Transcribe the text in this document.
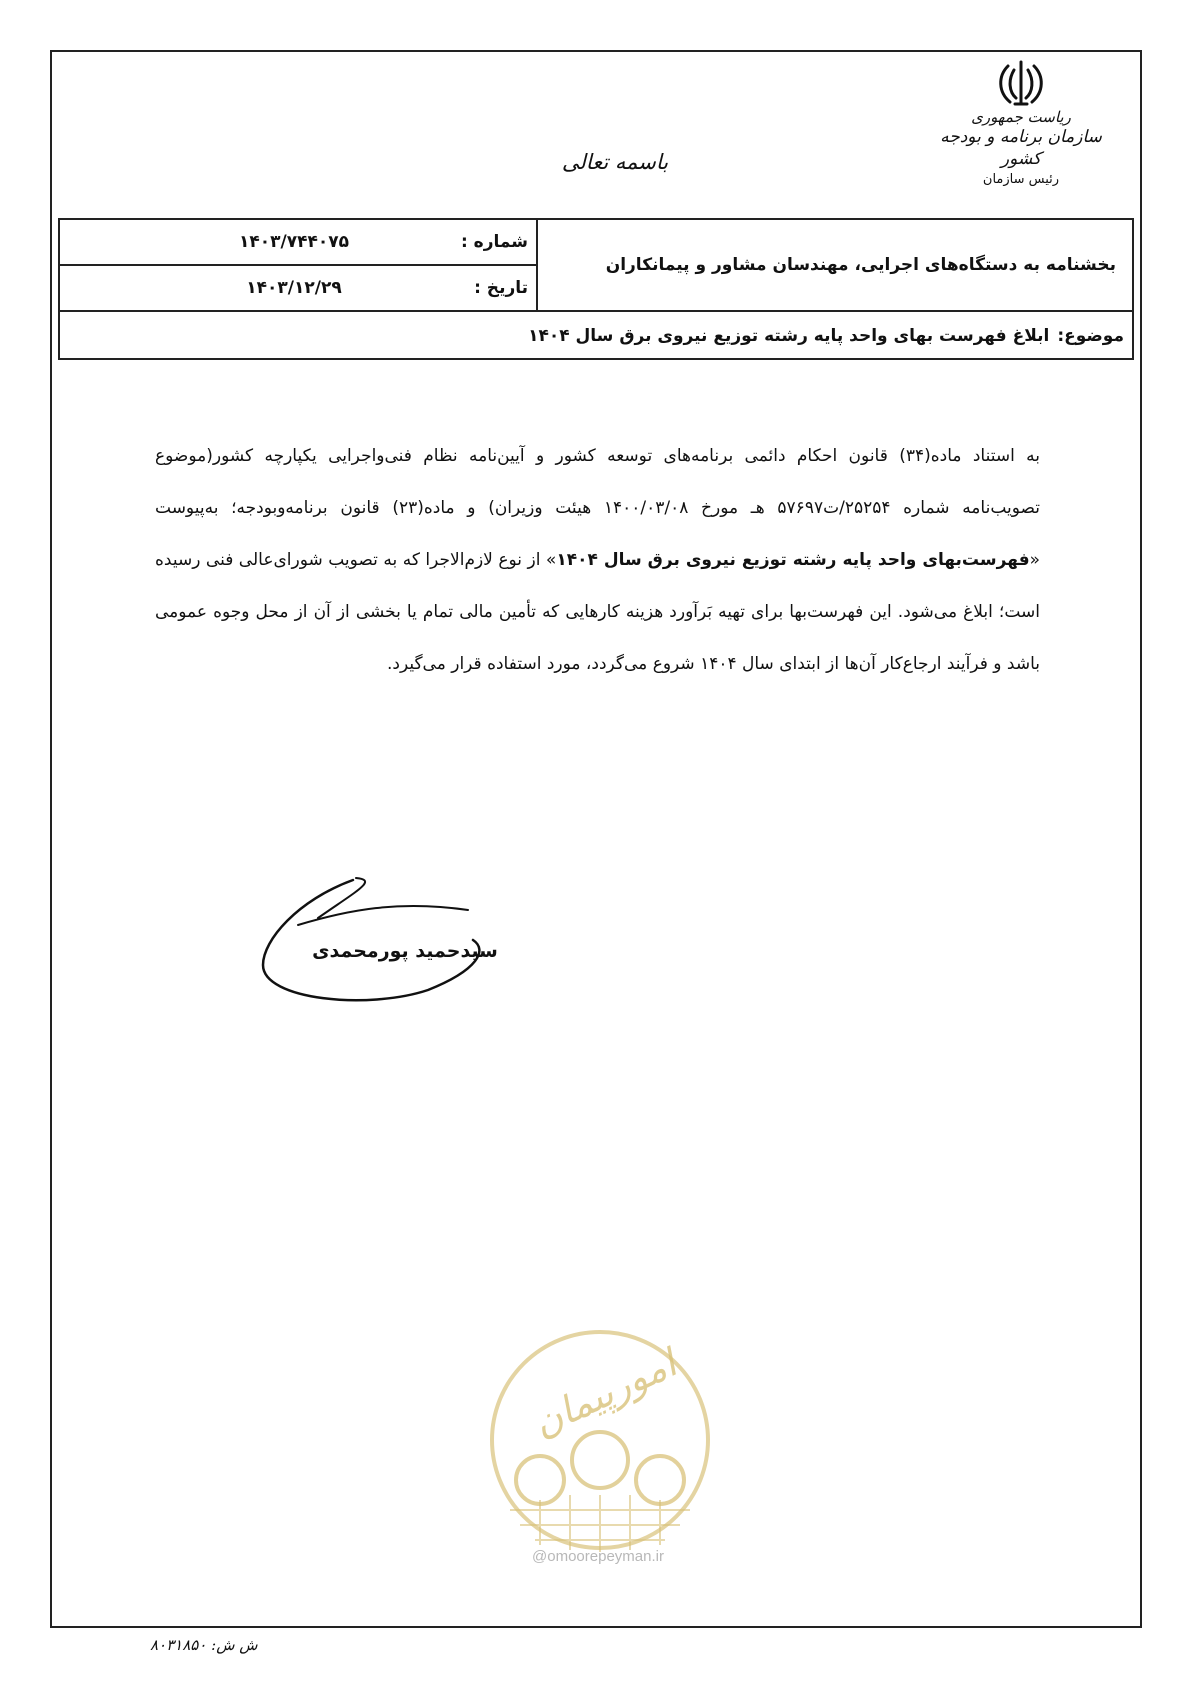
ریاست جمهوری
سازمان برنامه و بودجه کشور
رئیس سازمان
باسمه تعالی
بخشنامه به دستگاه‌های اجرایی، مهندسان مشاور و پیمانکاران
شماره :
۱۴۰۳/۷۴۴۰۷۵
تاریخ :
۱۴۰۳/۱۲/۲۹
موضوع:
ابلاغ فهرست بهای واحد پایه رشته توزیع نیروی برق سال ۱۴۰۴
به استناد ماده(۳۴) قانون احکام دائمی برنامه‌های توسعه کشور و آیین‌نامه نظام فنی‌واجرایی یکپارچه کشور(موضوع تصویب‌نامه شماره ۲۵۲۵۴/ت۵۷۶۹۷ هـ مورخ ۱۴۰۰/۰۳/۰۸ هیئت وزیران) و ماده(۲۳) قانون برنامه‌وبودجه؛ به‌پیوست «فهرست‌بهای واحد پایه رشته توزیع نیروی برق سال ۱۴۰۴» از نوع لازم‌الاجرا که به تصویب شورای‌عالی فنی رسیده است؛ ابلاغ می‌شود. این فهرست‌بها برای تهیه بَرآورد هزینه کارهایی که تأمین مالی تمام یا بخشی از آن از محل وجوه عمومی باشد و فرآیند ارجاع‌کار آن‌ها از ابتدای سال ۱۴۰۴ شروع می‌گردد، مورد استفاده قرار می‌گیرد.
سیدحمید پورمحمدی
امورپیمان
@omoorepeyman.ir
ش ش: ۸۰۳۱۸۵۰
